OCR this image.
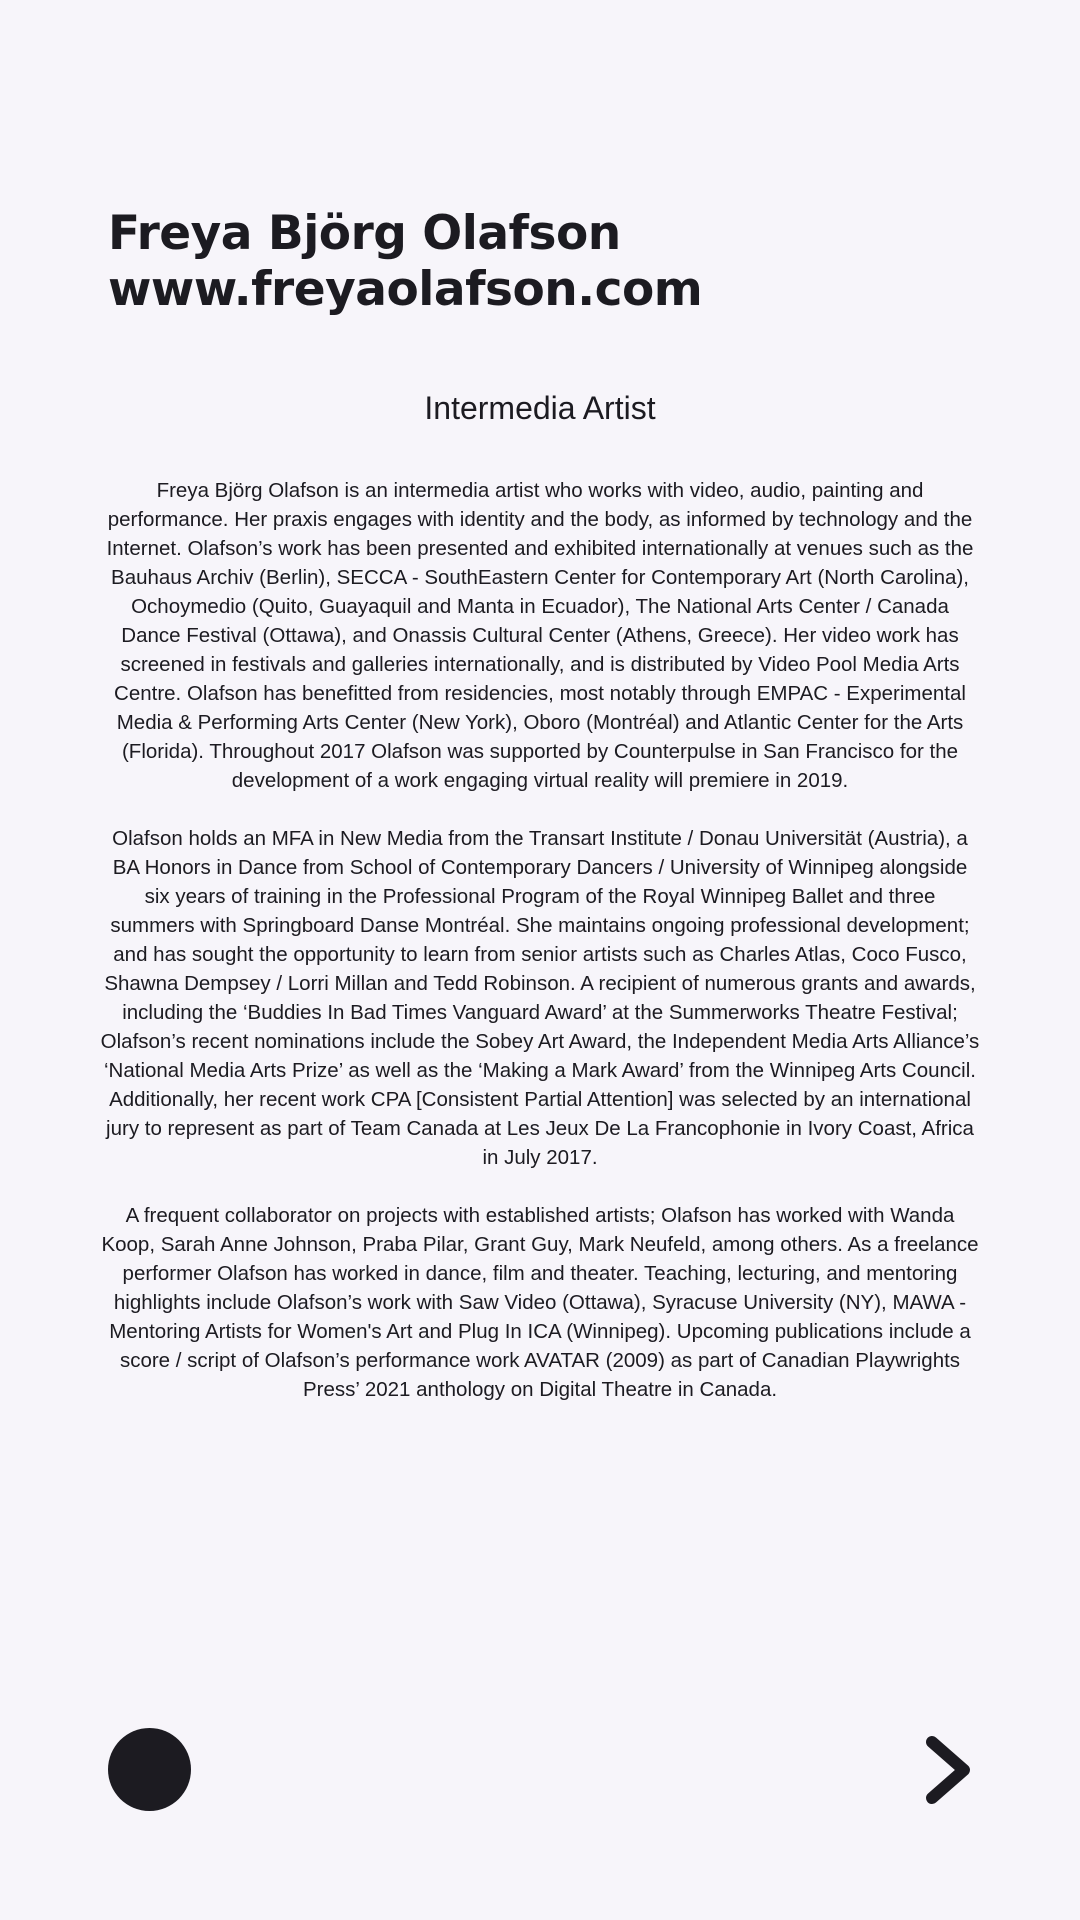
Freya Björg Olafson
www.freyaolafson.com
Intermedia Artist

Freya Björg Olafson is an intermedia artist who works with video, audio, painting and performance. Her praxis engages with identity and the body, as informed by technology and the Internet. Olafson’s work has been presented and exhibited internationally at venues such as the Bauhaus Archiv (Berlin), SECCA - SouthEastern Center for Contemporary Art (North Carolina), Ochoymedio (Quito, Guayaquil and Manta in Ecuador), The National Arts Center / Canada Dance Festival (Ottawa), and Onassis Cultural Center (Athens, Greece). Her video work has screened in festivals and galleries internationally, and is distributed by Video Pool Media Arts Centre. Olafson has benefitted from residencies, most notably through EMPAC - Experimental Media & Performing Arts Center (New York), Oboro (Montréal) and Atlantic Center for the Arts (Florida). Throughout 2017 Olafson was supported by Counterpulse in San Francisco for the development of a work engaging virtual reality will premiere in 2019.

Olafson holds an MFA in New Media from the Transart Institute / Donau Universität (Austria), a BA Honors in Dance from School of Contemporary Dancers / University of Winnipeg alongside six years of training in the Professional Program of the Royal Winnipeg Ballet and three summers with Springboard Danse Montréal. She maintains ongoing professional development; and has sought the opportunity to learn from senior artists such as Charles Atlas, Coco Fusco, Shawna Dempsey / Lorri Millan and Tedd Robinson. A recipient of numerous grants and awards, including the ‘Buddies In Bad Times Vanguard Award’ at the Summerworks Theatre Festival; Olafson’s recent nominations include the Sobey Art Award, the Independent Media Arts Alliance’s ‘National Media Arts Prize’ as well as the ‘Making a Mark Award’ from the Winnipeg Arts Council. Additionally, her recent work CPA [Consistent Partial Attention] was selected by an international jury to represent as part of Team Canada at Les Jeux De La Francophonie in Ivory Coast, Africa in July 2017.

A frequent collaborator on projects with established artists; Olafson has worked with Wanda Koop, Sarah Anne Johnson, Praba Pilar, Grant Guy, Mark Neufeld, among others. As a freelance performer Olafson has worked in dance, film and theater. Teaching, lecturing, and mentoring highlights include Olafson’s work with Saw Video (Ottawa), Syracuse University (NY), MAWA - Mentoring Artists for Women's Art and Plug In ICA (Winnipeg). Upcoming publications include a score / script of Olafson’s performance work AVATAR (2009) as part of Canadian Playwrights Press’ 2021 anthology on Digital Theatre in Canada.
